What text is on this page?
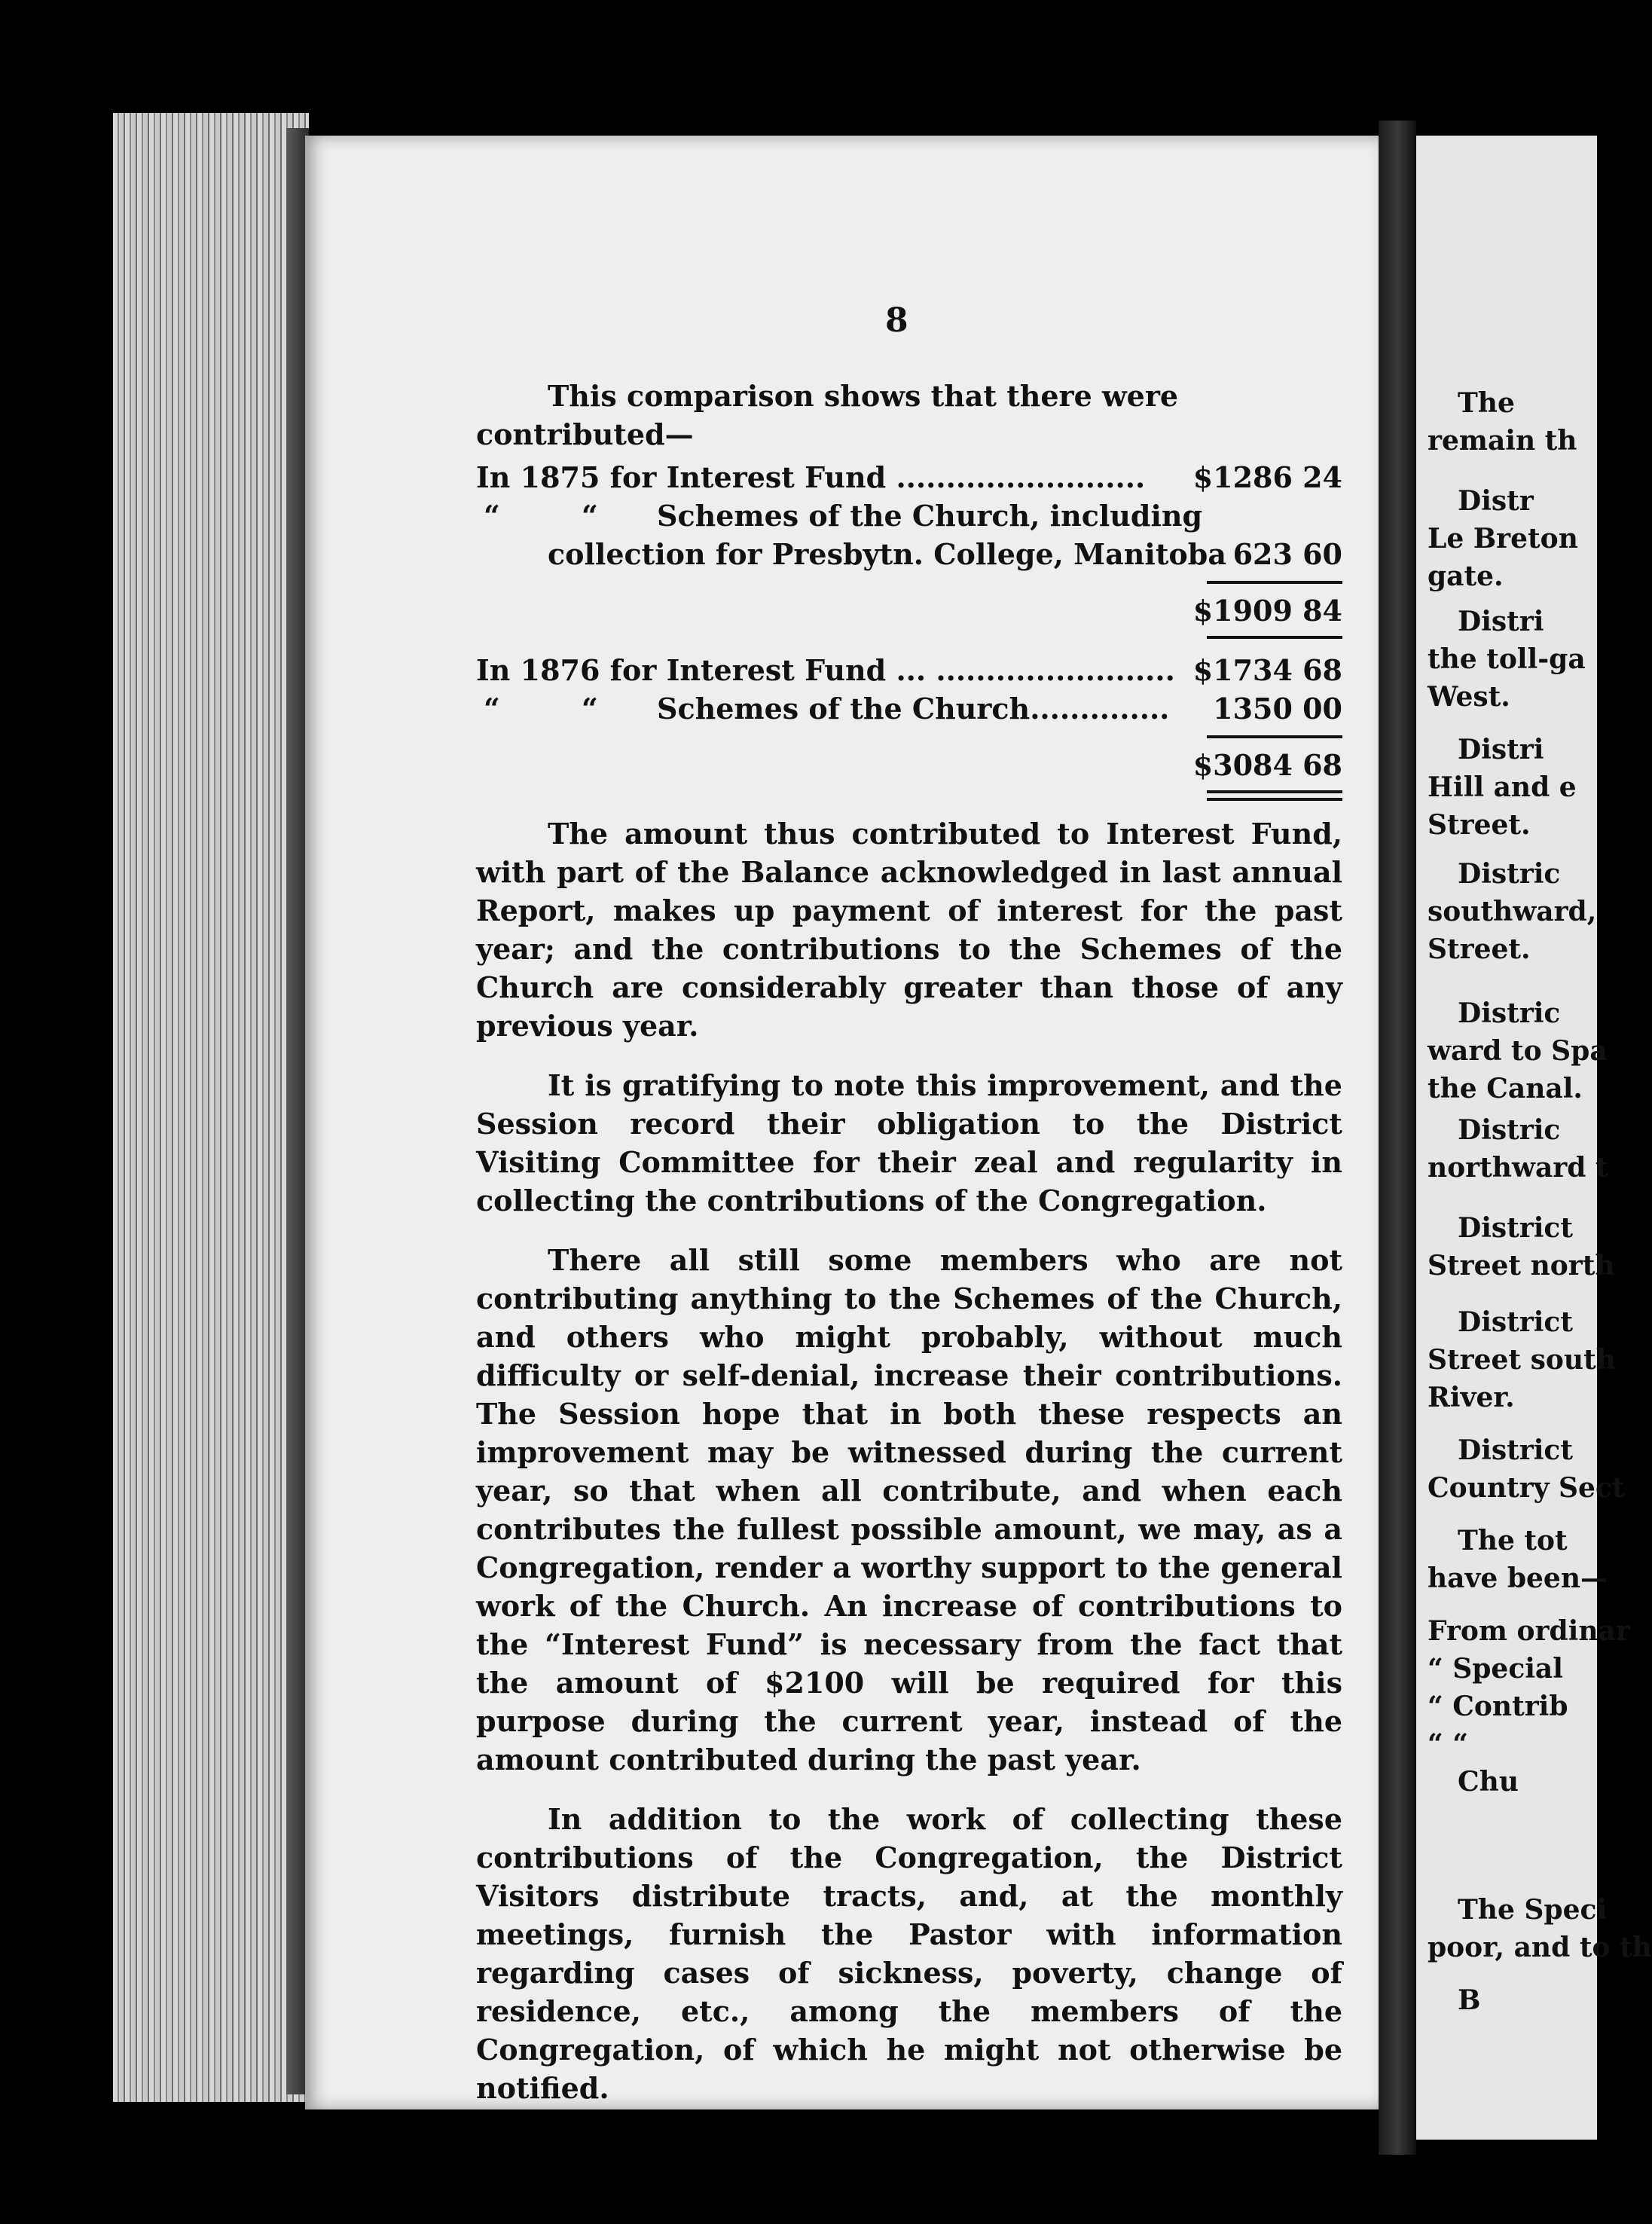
8

This comparison shows that there were contributed—

In 1875 for Interest Fund ......................... $1286 24
“	“ Schemes of the Church, including
collection for Presbytn. College, Manitoba 623 60
$1909 84
In 1876 for Interest Fund ... ........................ $1734 68
“	“ Schemes of the Church.............. 1350 00
$3084 68

The amount thus contributed to Interest Fund, with part of the Balance acknowledged in last annual Report, makes up payment of interest for the past year; and the contributions to the Schemes of the Church are considerably greater than those of any previous year.

It is gratifying to note this improvement, and the Session record their obligation to the District Visiting Committee for their zeal and regularity in collecting the contributions of the Congregation.

There all still some members who are not contributing anything to the Schemes of the Church, and others who might probably, without much difficulty or self-denial, increase their contributions. The Session hope that in both these respects an improvement may be witnessed during the current year, so that when all contribute, and when each contributes the fullest possible amount, we may, as a Congregation, render a worthy support to the general work of the Church. An increase of contributions to the “Interest Fund” is necessary from the fact that the amount of $2100 will be required for this purpose during the current year, instead of the amount contributed during the past year.

In addition to the work of collecting these contributions of the Congregation, the District Visitors distribute tracts, and, at the monthly meetings, furnish the Pastor with information regarding cases of sickness, poverty, change of residence, etc., among the members of the Congregation, of which he might not otherwise be notified.

The
remain th
Distr
Le Breton
gate.
Distri
the toll-ga
West.
Distri
Hill and e
Street.
Distric
southward,
Street.
Distric
ward to Spa
the Canal.
Distric
northward t
District
Street north
District
Street south
River.
District
Country Sect
The tot
have been—
From ordinar
“ Special
“ Contrib
“ “
Chu
The Speci
poor, and to th
B
